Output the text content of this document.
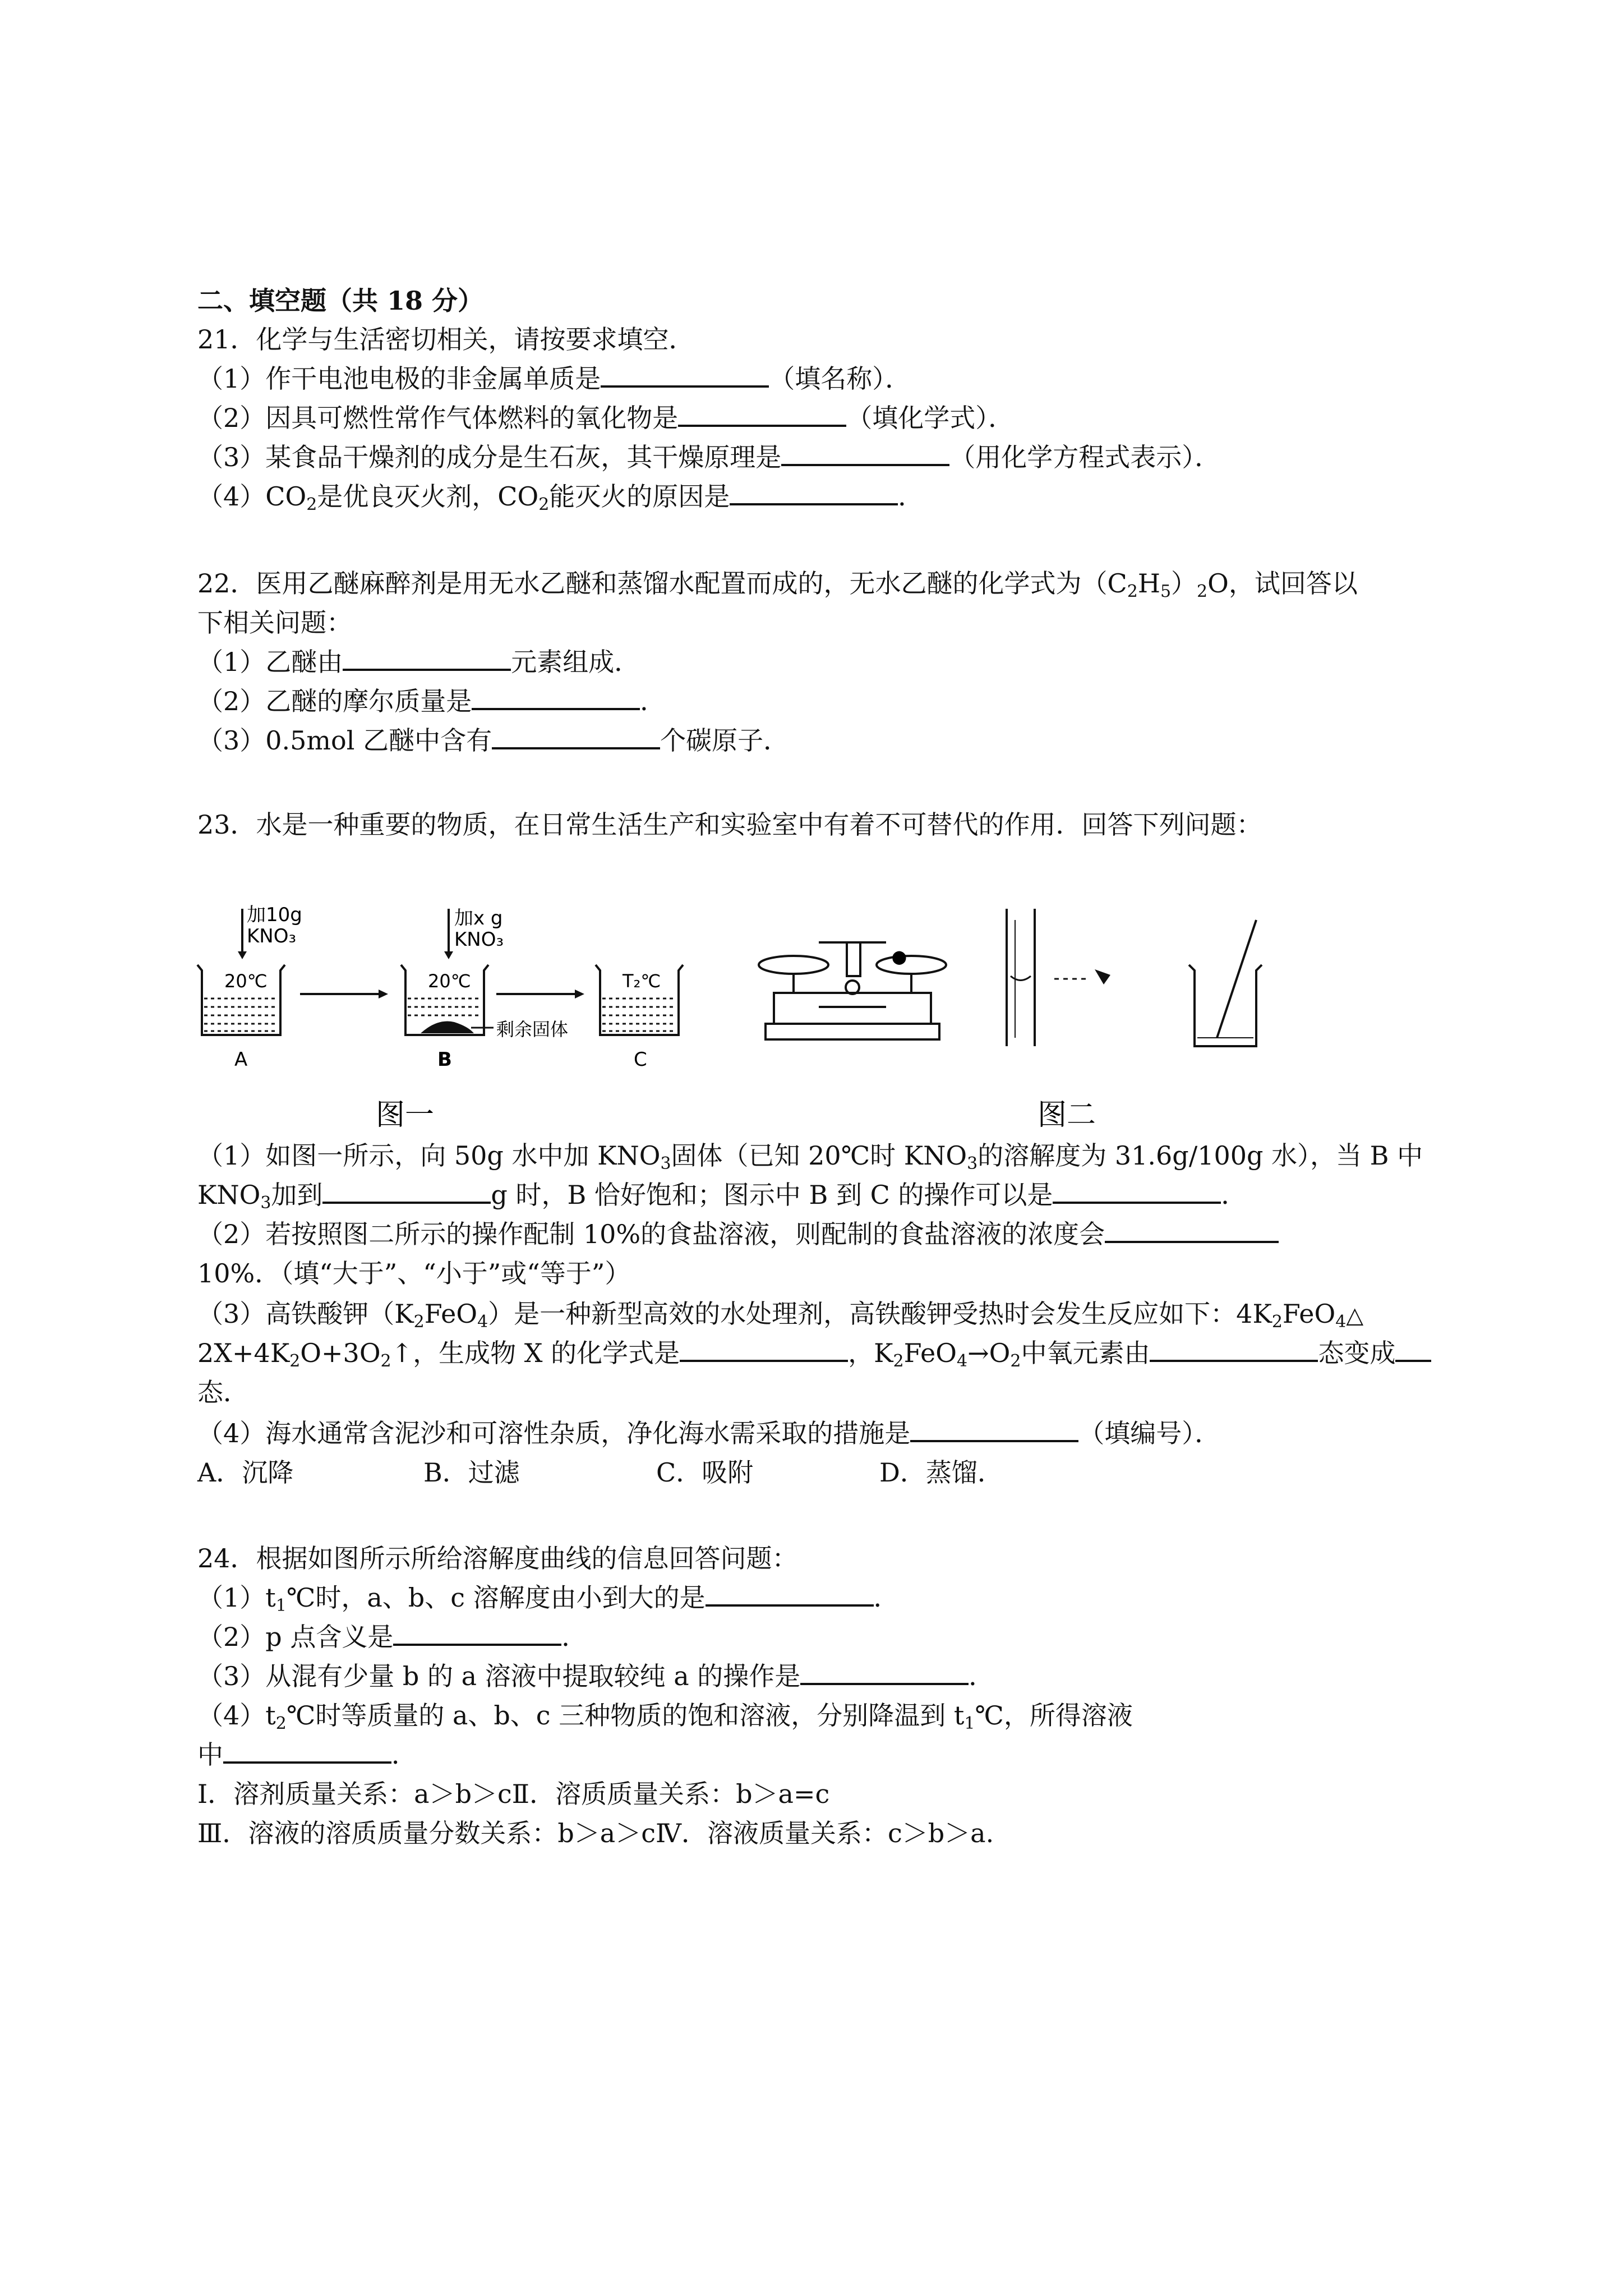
二、填空题（共 18 分）
21．化学与生活密切相关，请按要求填空．
（1）作干电池电极的非金属单质是	（填名称）．
（2）因具可燃性常作气体燃料的氧化物是	（填化学式）．
（3）某食品干燥剂的成分是生石灰，其干燥原理是	（用化学方程式表示）．
$(4)CO_2$是优良灭火剂，$CO_2$能灭火的原因是	．
22．医用乙醚麻醉剂是用无水乙醚和蒸馏水配置而成的，无水乙醚的化学式为$(C_2H_5)_2O$，试回答以
下相关问题：
（1）乙醚由	元素组成．
（2）乙醚的摩尔质量是	．
（3）0.5mol 乙醚中含有	个碳原子．
23．水是一种重要的物质，在日常生活生产和实验室中有着不可替代的作用．回答下列问题：
20℃
A
加10g
KNO₃
20℃
B
加x g
KNO₃
剩余固体
T₂℃
C
图一
⬤
图二
（1）如图一所示，向 50g 水中加 $KNO_3$固体（已知 20℃时 $KNO_3$的溶解度为 31.6g/100g 水），当 B 中
$KNO_3$加到	g 时，B 恰好饱和；图示中 B 到 C 的操作可以是	．
（2）若按照图二所示的操作配制 10%的食盐溶液，则配制的食盐溶液的浓度会
10%．（填“大于”、“小于”或“等于”）
（3）高铁酸钾$(K_2FeO_4)$是一种新型高效的水处理剂，高铁酸钾受热时会发生反应如下：$4K_2FeO_4\triangle$
$2X+4K_2O+3O_2↑$，生成物 X 的化学式是	，$K_2FeO_4\to O_2$中氧元素由	态变成
态．
（4）海水通常含泥沙和可溶性杂质，净化海水需采取的措施是	（填编号）．
A．沉降	B．过滤	C．吸附	D．蒸馏．
24．根据如图所示所给溶解度曲线的信息回答问题：
$(1)t_1℃$时，a、b、c 溶解度由小到大的是	．
（2）p 点含义是	．
（3）从混有少量 b 的 a 溶液中提取较纯 a 的操作是	．
$(4)t_2℃$时等质量的 a、b、c 三种物质的饱和溶液，分别降温到 $t_1℃$，所得溶液
中	．
Ⅰ．溶剂质量关系：a＞b＞cⅡ．溶质质量关系：b＞a=c
Ⅲ．溶液的溶质质量分数关系：b＞a＞cⅣ．溶液质量关系：c＞b＞a.
